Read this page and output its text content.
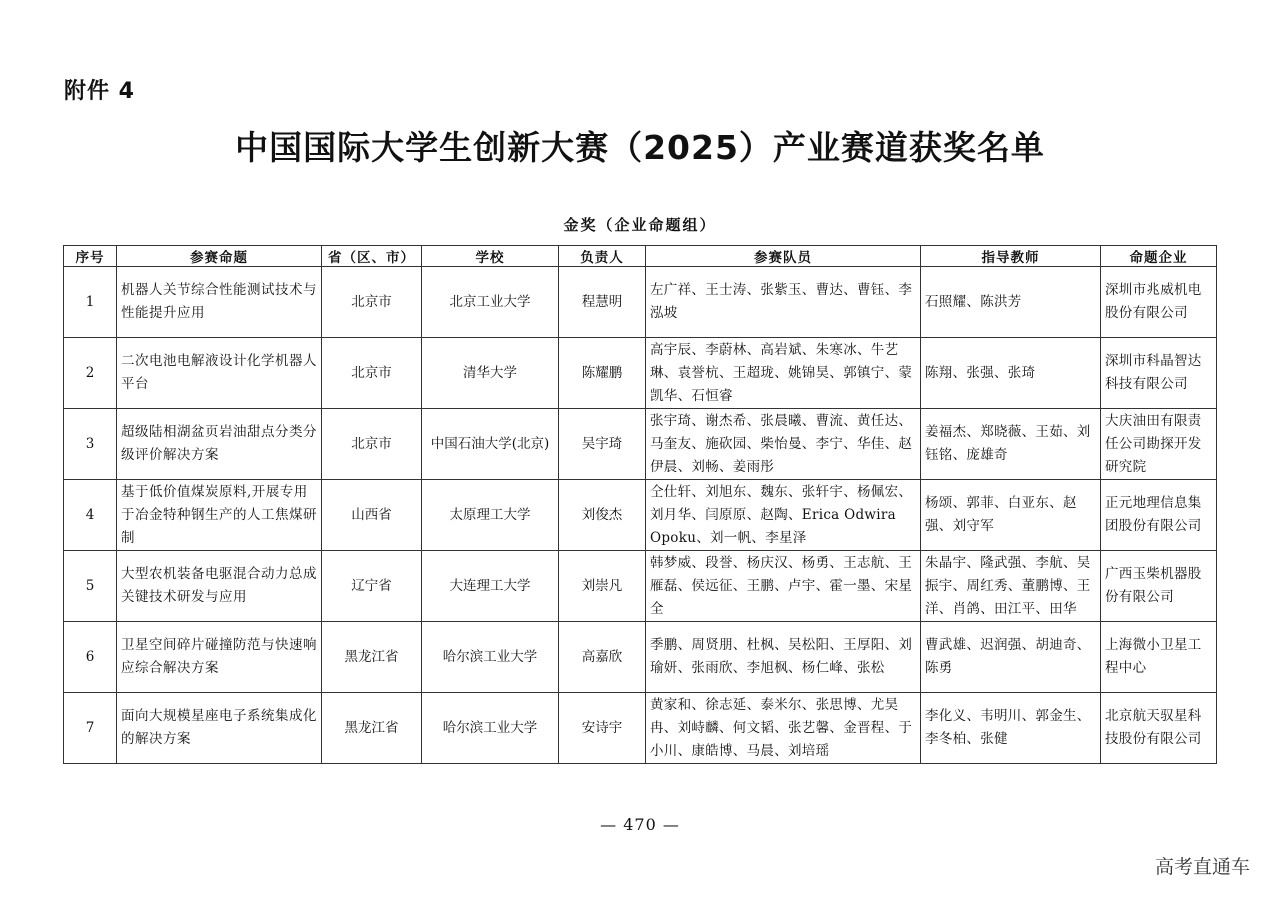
附件 4
中国国际大学生创新大赛（2025）产业赛道获奖名单
金奖（企业命题组）
序号	参赛命题	省（区、市）	学校	负责人	参赛队员	指导教师	命题企业
1	机器人关节综合性能测试技术与性能提升应用	北京市	北京工业大学	程慧明	左广祥、王士涛、张紫玉、曹达、曹钰、李泓坡	石照耀、陈洪芳	深圳市兆威机电股份有限公司
2	二次电池电解液设计化学机器人平台	北京市	清华大学	陈耀鹏	高宇辰、李蔚林、高岩斌、朱寒冰、牛艺琳、袁誉杭、王超珑、姚锦昊、郭镇宁、蒙凯华、石恒睿	陈翔、张强、张琦	深圳市科晶智达科技有限公司
3	超级陆相湖盆页岩油甜点分类分级评价解决方案	北京市	中国石油大学(北京)	吴宇琦	张宇琦、谢杰希、张晨曦、曹流、黄任达、马奎友、施砍园、柴怡曼、李宁、华佳、赵伊晨、刘畅、姜雨彤	姜福杰、郑晓薇、王茹、刘钰铭、庞雄奇	大庆油田有限责任公司勘探开发研究院
4	基于低价值煤炭原料,开展专用于冶金特种钢生产的人工焦煤研制	山西省	太原理工大学	刘俊杰	仝仕轩、刘旭东、魏东、张轩宇、杨佩宏、刘月华、闫原原、赵陶、Erica Odwira Opoku、刘一帆、李星泽	杨颂、郭菲、白亚东、赵强、刘守军	正元地理信息集团股份有限公司
5	大型农机装备电驱混合动力总成关键技术研发与应用	辽宁省	大连理工大学	刘崇凡	韩梦威、段誉、杨庆汉、杨勇、王志航、王雁磊、侯远征、王鹏、卢宇、霍一墨、宋星全	朱晶宇、隆武强、李航、吴振宇、周红秀、董鹏博、王洋、肖鸽、田江平、田华	广西玉柴机器股份有限公司
6	卫星空间碎片碰撞防范与快速响应综合解决方案	黑龙江省	哈尔滨工业大学	高嘉欣	季鹏、周贤朋、杜枫、吴松阳、王厚阳、刘瑜妍、张雨欣、李旭枫、杨仁峰、张松	曹武雄、迟润强、胡迪奇、陈勇	上海微小卫星工程中心
7	面向大规模星座电子系统集成化的解决方案	黑龙江省	哈尔滨工业大学	安诗宇	黄家和、徐志延、泰米尔、张思博、尤昊冉、刘峙麟、何文韬、张艺馨、金晋程、于小川、康皓博、马晨、刘培瑶	李化义、韦明川、郭金生、李冬柏、张健	北京航天驭星科技股份有限公司
— 470 —
高考直通车
